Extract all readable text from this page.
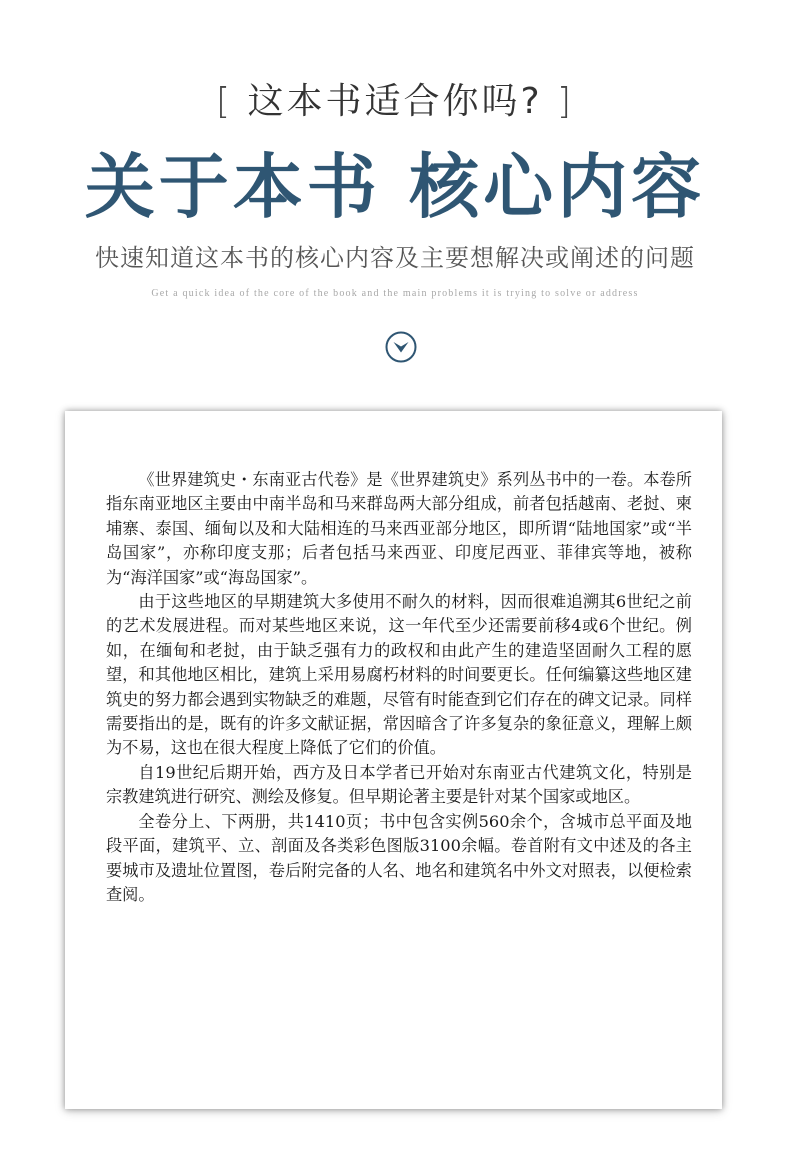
[ 这本书适合你吗? ]
关于本书 核心内容
快速知道这本书的核心内容及主要想解决或阐述的问题
Get a quick idea of the core of the book and the main problems it is trying to solve or address

《世界建筑史・东南亚古代卷》是《世界建筑史》系列丛书中的一卷。本卷所指东南亚地区主要由中南半岛和马来群岛两大部分组成，前者包括越南、老挝、柬埔寨、泰国、缅甸以及和大陆相连的马来西亚部分地区，即所谓“陆地国家”或“半岛国家”，亦称印度支那；后者包括马来西亚、印度尼西亚、菲律宾等地，被称为“海洋国家”或“海岛国家”。

由于这些地区的早期建筑大多使用不耐久的材料，因而很难追溯其6世纪之前的艺术发展进程。而对某些地区来说，这一年代至少还需要前移4或6个世纪。例如，在缅甸和老挝，由于缺乏强有力的政权和由此产生的建造坚固耐久工程的愿望，和其他地区相比，建筑上采用易腐朽材料的时间要更长。任何编纂这些地区建筑史的努力都会遇到实物缺乏的难题，尽管有时能查到它们存在的碑文记录。同样需要指出的是，既有的许多文献证据，常因暗含了许多复杂的象征意义，理解上颇为不易，这也在很大程度上降低了它们的价值。

自19世纪后期开始，西方及日本学者已开始对东南亚古代建筑文化，特别是宗教建筑进行研究、测绘及修复。但早期论著主要是针对某个国家或地区。

全卷分上、下两册，共1410页；书中包含实例560余个，含城市总平面及地段平面，建筑平、立、剖面及各类彩色图版3100余幅。卷首附有文中述及的各主要城市及遗址位置图，卷后附完备的人名、地名和建筑名中外文对照表，以便检索查阅。
